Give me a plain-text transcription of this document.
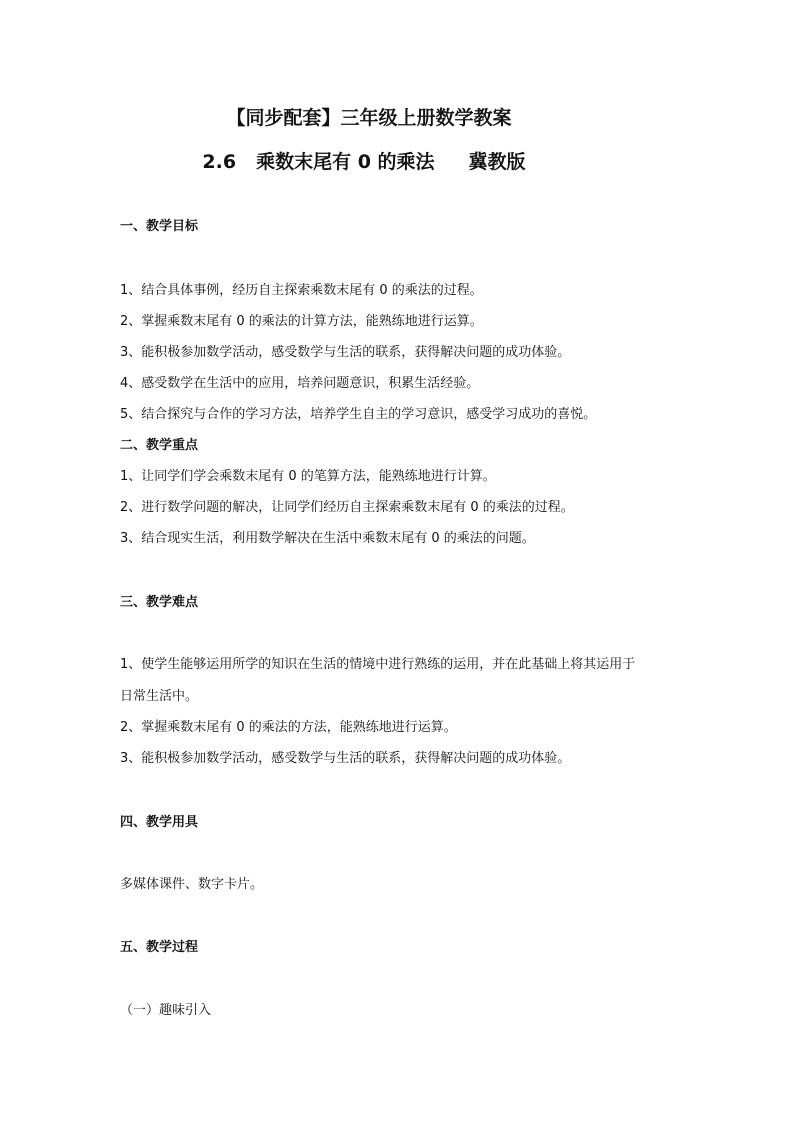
【同步配套】三年级上册数学教案
2.6 乘数末尾有 0 的乘法 冀教版
一、教学目标
1、结合具体事例，经历自主探索乘数末尾有 0 的乘法的过程。
2、掌握乘数末尾有 0 的乘法的计算方法，能熟练地进行运算。
3、能积极参加数学活动，感受数学与生活的联系，获得解决问题的成功体验。
4、感受数学在生活中的应用，培养问题意识，积累生活经验。
5、结合探究与合作的学习方法，培养学生自主的学习意识，感受学习成功的喜悦。
二、教学重点
1、让同学们学会乘数末尾有 0 的笔算方法，能熟练地进行计算。
2、进行数学问题的解决，让同学们经历自主探索乘数末尾有 0 的乘法的过程。
3、结合现实生活，利用数学解决在生活中乘数末尾有 0 的乘法的问题。
三、教学难点
1、使学生能够运用所学的知识在生活的情境中进行熟练的运用，并在此基础上将其运用于
日常生活中。
2、掌握乘数末尾有 0 的乘法的方法，能熟练地进行运算。
3、能积极参加数学活动，感受数学与生活的联系，获得解决问题的成功体验。
四、教学用具
多媒体课件、数字卡片。
五、教学过程
（一）趣味引入
